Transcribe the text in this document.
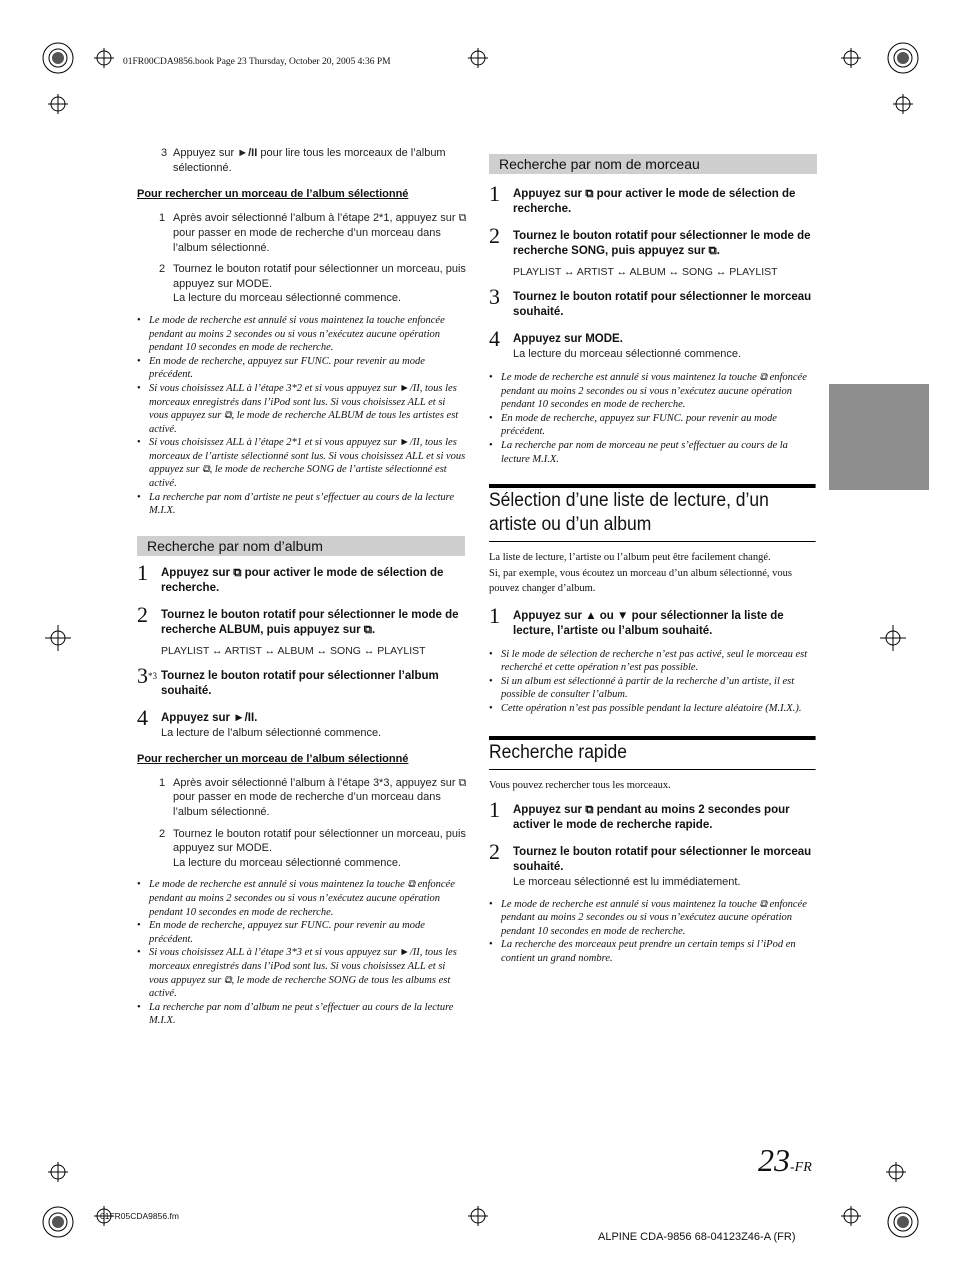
01FR00CDA9856.book Page 23 Thursday, October 20, 2005 4:36 PM
3 Appuyez sur ►/II pour lire tous les morceaux de l’album sélectionné.
Pour rechercher un morceau de l’album sélectionné
1 Après avoir sélectionné l’album à l’étape 2*1, appuyez sur ⧉ pour passer en mode de recherche d’un morceau dans l’album sélectionné.
2 Tournez le bouton rotatif pour sélectionner un morceau, puis appuyez sur MODE.
La lecture du morceau sélectionné commence.
• Le mode de recherche est annulé si vous maintenez la touche enfoncée pendant au moins 2 secondes ou si vous n’exécutez aucune opération pendant 10 secondes en mode de recherche.
• En mode de recherche, appuyez sur FUNC. pour revenir au mode précédent.
• Si vous choisissez ALL à l’étape 3*2 et si vous appuyez sur ►/II, tous les morceaux enregistrés dans l’iPod sont lus. Si vous choisissez ALL et si vous appuyez sur ⧉, le mode de recherche ALBUM de tous les artistes est activé.
• Si vous choisissez ALL à l’étape 2*1 et si vous appuyez sur ►/II, tous les morceaux de l’artiste sélectionné sont lus. Si vous choisissez ALL et si vous appuyez sur ⧉, le mode de recherche SONG de l’artiste sélectionné est activé.
• La recherche par nom d’artiste ne peut s’effectuer au cours de la lecture M.I.X.
Recherche par nom d’album
1 Appuyez sur ⧉ pour activer le mode de sélection de recherche.
2 Tournez le bouton rotatif pour sélectionner le mode de recherche ALBUM, puis appuyez sur ⧉.
PLAYLIST ↔ ARTIST ↔ ALBUM ↔ SONG ↔ PLAYLIST
3$^{*3}$ Tournez le bouton rotatif pour sélectionner l’album souhaité.
4 Appuyez sur ►/II.
La lecture de l’album sélectionné commence.
Pour rechercher un morceau de l’album sélectionné
1 Après avoir sélectionné l’album à l’étape 3*3, appuyez sur ⧉ pour passer en mode de recherche d’un morceau dans l’album sélectionné.
2 Tournez le bouton rotatif pour sélectionner un morceau, puis appuyez sur MODE.
La lecture du morceau sélectionné commence.
• Le mode de recherche est annulé si vous maintenez la touche ⧉ enfoncée pendant au moins 2 secondes ou si vous n’exécutez aucune opération pendant 10 secondes en mode de recherche.
• En mode de recherche, appuyez sur FUNC. pour revenir au mode précédent.
• Si vous choisissez ALL à l’étape 3*3 et si vous appuyez sur ►/II, tous les morceaux enregistrés dans l’iPod sont lus. Si vous choisissez ALL et si vous appuyez sur ⧉, le mode de recherche SONG de tous les albums est activé.
• La recherche par nom d’album ne peut s’effectuer au cours de la lecture M.I.X.
Recherche par nom de morceau
1 Appuyez sur ⧉ pour activer le mode de sélection de recherche.
2 Tournez le bouton rotatif pour sélectionner le mode de recherche SONG, puis appuyez sur ⧉.
PLAYLIST ↔ ARTIST ↔ ALBUM ↔ SONG ↔ PLAYLIST
3 Tournez le bouton rotatif pour sélectionner le morceau souhaité.
4 Appuyez sur MODE.
La lecture du morceau sélectionné commence.
• Le mode de recherche est annulé si vous maintenez la touche ⧉ enfoncée pendant au moins 2 secondes ou si vous n’exécutez aucune opération pendant 10 secondes en mode de recherche.
• En mode de recherche, appuyez sur FUNC. pour revenir au mode précédent.
• La recherche par nom de morceau ne peut s’effectuer au cours de la lecture M.I.X.
Sélection d’une liste de lecture, d’un artiste ou d’un album
La liste de lecture, l’artiste ou l’album peut être facilement changé.
Si, par exemple, vous écoutez un morceau d’un album sélectionné, vous pouvez changer d’album.
1 Appuyez sur ▲ ou ▼ pour sélectionner la liste de lecture, l’artiste ou l’album souhaité.
• Si le mode de sélection de recherche n’est pas activé, seul le morceau est recherché et cette opération n’est pas possible.
• Si un album est sélectionné à partir de la recherche d’un artiste, il est possible de consulter l’album.
• Cette opération n’est pas possible pendant la lecture aléatoire (M.I.X.).
Recherche rapide
Vous pouvez rechercher tous les morceaux.
1 Appuyez sur ⧉ pendant au moins 2 secondes pour activer le mode de recherche rapide.
2 Tournez le bouton rotatif pour sélectionner le morceau souhaité.
Le morceau sélectionné est lu immédiatement.
• Le mode de recherche est annulé si vous maintenez la touche ⧉ enfoncée pendant au moins 2 secondes ou si vous n’exécutez aucune opération pendant 10 secondes en mode de recherche.
• La recherche des morceaux peut prendre un certain temps si l’iPod en contient un grand nombre.
23-FR
01FR05CDA9856.fm
ALPINE CDA-9856 68-04123Z46-A (FR)
